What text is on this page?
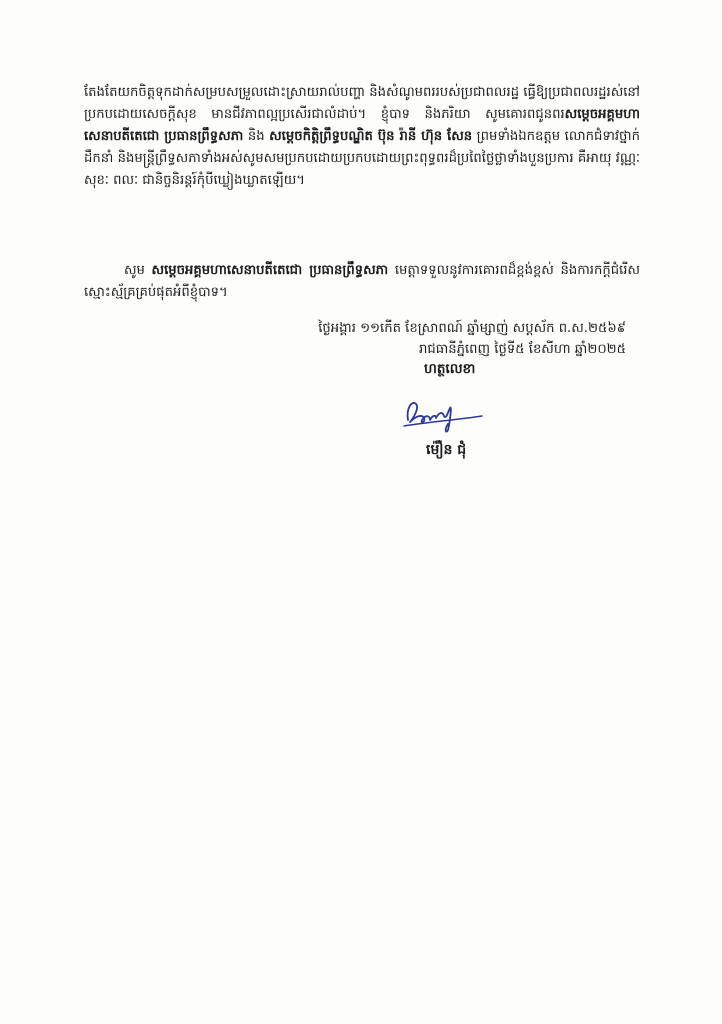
តែងតែយកចិត្តទុកដាក់សម្របសម្រួលដោះស្រាយរាល់បញ្ហា និងសំណូមពររបស់ប្រជាពលរដ្ឋ ធ្វើឱ្យប្រជាពលរដ្ឋរស់នៅប្រកបដោយសេចក្តីសុខ មានជីវភាពល្អប្រសើរជាលំដាប់។ ខ្ញុំបាទ និងភរិយា សូមគោរពជូនពរសម្តេចអគ្គមហាសេនាបតីតេជោ ប្រធានព្រឹទ្ធសភា និង សម្តេចកិត្តិព្រឹទ្ធបណ្ឌិត ប៊ុន រ៉ានី ហ៊ុន សែន ព្រមទាំងឯកឧត្តម លោកជំទាវថ្នាក់ដឹកនាំ និងមន្ត្រីព្រឹទ្ធសភាទាំងអស់សូមសមប្រកបដោយប្រកបដោយព្រះពុទ្ធពរដ៏ប្រពៃថ្លៃថ្លាទាំងបួនប្រការ គឺអាយុ វណ្ណៈ សុខៈ ពលៈ ជានិច្ចនិរន្តរ៍កុំបីឃ្លៀងឃ្លាតឡើយ។
សូម សម្តេចអគ្គមហាសេនាបតីតេជោ ប្រធានព្រឹទ្ធសភា មេត្តាទទួលនូវការគោរពដ៏ខ្ពង់ខ្ពស់ និងការកក្តីជំរើសស្មោះស្ម័គ្រគ្រប់ផុតអំពីខ្ញុំបាទ។
ថ្ងៃអង្គារ ១១កើត ខែស្រាពណ៍ ឆ្នាំម្សាញ់ សប្តស័ក ព.ស.២៥៦៩
រាជធានីភ្នំពេញ ថ្ងៃទី៥ ខែសីហា ឆ្នាំ២០២៥
ហត្ថលេខា
ម៉ឿន ជុំ
